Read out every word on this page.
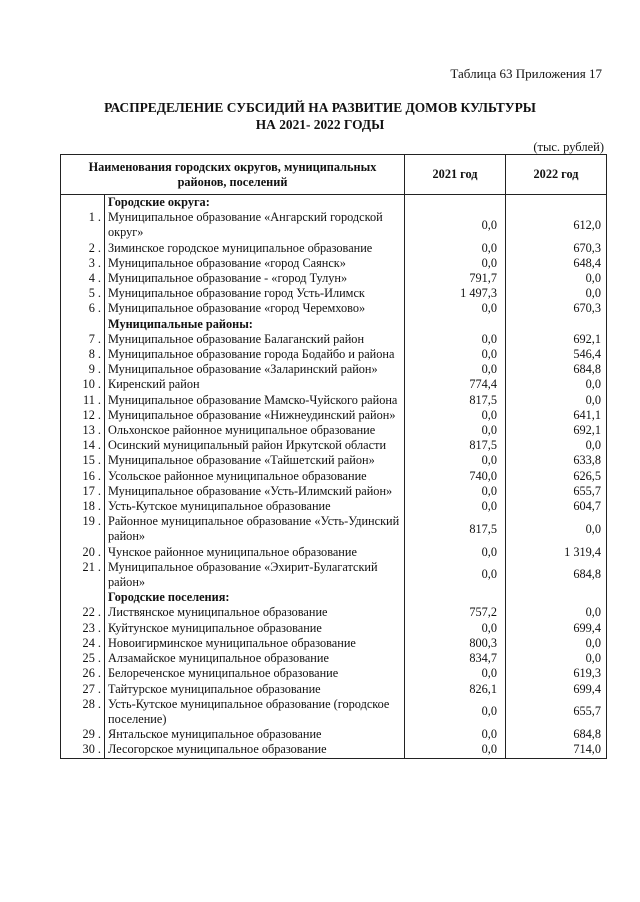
Таблица 63 Приложения 17
РАСПРЕДЕЛЕНИЕ СУБСИДИЙ НА РАЗВИТИЕ ДОМОВ КУЛЬТУРЫ
НА 2021- 2022 ГОДЫ
(тыс. рублей)
Наименования городских округов, муниципальных районов, поселений		2021 год	2022 год
	Городские округа:		
1 .	Муниципальное образование «Ангарский городской округ»	0,0	612,0
2 .	Зиминское городское муниципальное образование	0,0	670,3
3 .	Муниципальное образование «город Саянск»	0,0	648,4
4 .	Муниципальное образование - «город Тулун»	791,7	0,0
5 .	Муниципальное образование город Усть-Илимск	1 497,3	0,0
6 .	Муниципальное образование «город Черемхово»	0,0	670,3
	Муниципальные районы:		
7 .	Муниципальное образование Балаганский район	0,0	692,1
8 .	Муниципальное образование города Бодайбо и района	0,0	546,4
9 .	Муниципальное образование «Заларинский район»	0,0	684,8
10 .	Киренский район	774,4	0,0
11 .	Муниципальное образование Мамско-Чуйского района	817,5	0,0
12 .	Муниципальное образование «Нижнеудинский район»	0,0	641,1
13 .	Ольхонское районное муниципальное образование	0,0	692,1
14 .	Осинский муниципальный район Иркутской области	817,5	0,0
15 .	Муниципальное образование «Тайшетский район»	0,0	633,8
16 .	Усольское районное муниципальное образование	740,0	626,5
17 .	Муниципальное образование «Усть-Илимский район»	0,0	655,7
18 .	Усть-Кутское муниципальное образование	0,0	604,7
19 .	Районное муниципальное образование «Усть-Удинский район»	817,5	0,0
20 .	Чунское районное муниципальное образование	0,0	1 319,4
21 .	Муниципальное образование «Эхирит-Булагатский район»	0,0	684,8
	Городские поселения:		
22 .	Листвянское муниципальное образование	757,2	0,0
23 .	Куйтунское муниципальное образование	0,0	699,4
24 .	Новоигирминское муниципальное образование	800,3	0,0
25 .	Алзамайское муниципальное образование	834,7	0,0
26 .	Белореченское муниципальное образование	0,0	619,3
27 .	Тайтурское муниципальное образование	826,1	699,4
28 .	Усть-Кутское муниципальное образование (городское поселение)	0,0	655,7
29 .	Янтальское муниципальное образование	0,0	684,8
30 .	Лесогорское муниципальное образование	0,0	714,0
